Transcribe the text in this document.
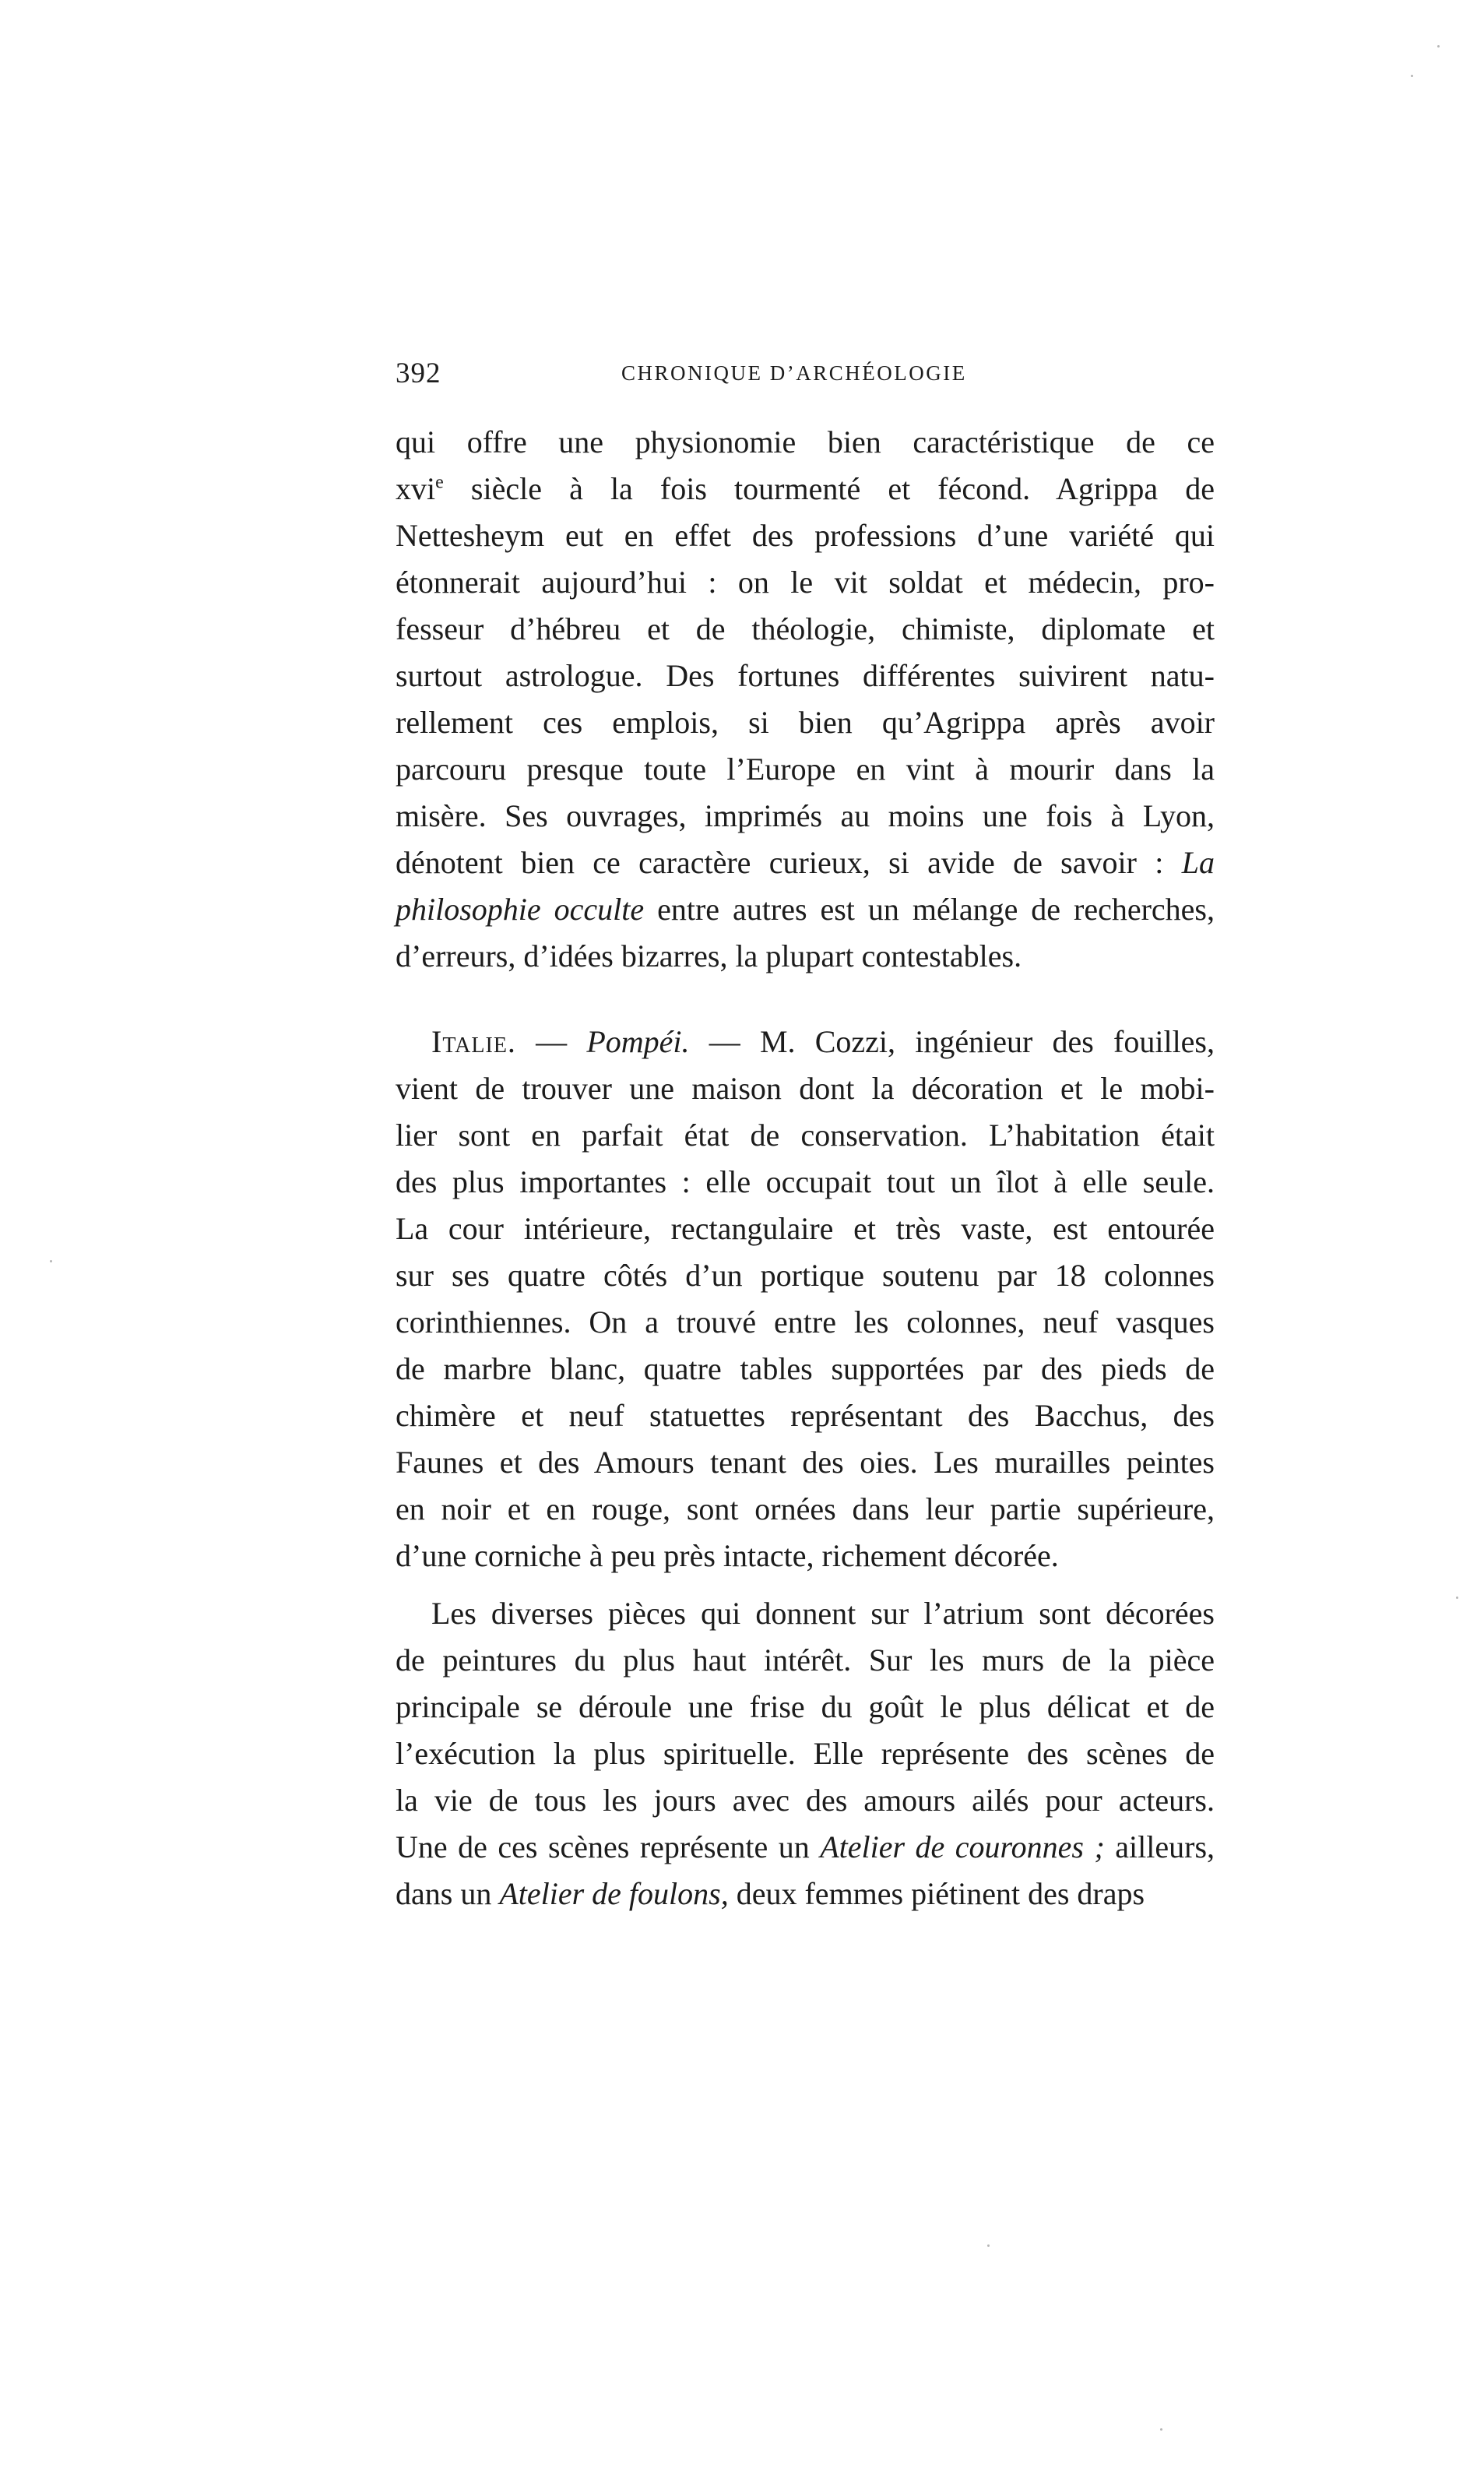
392	CHRONIQUE D’ARCHÉOLOGIE
qui offre une physionomie bien caractéristique de ce
xvi$^e$ siècle à la fois tourmenté et fécond. Agrippa de
Nettesheym eut en effet des professions d’une variété qui
étonnerait aujourd’hui : on le vit soldat et médecin, pro-
fesseur d’hébreu et de théologie, chimiste, diplomate et
surtout astrologue. Des fortunes différentes suivirent natu-
rellement ces emplois, si bien qu’Agrippa après avoir
parcouru presque toute l’Europe en vint à mourir dans la
misère. Ses ouvrages, imprimés au moins une fois à Lyon,
dénotent bien ce caractère curieux, si avide de savoir : La
philosophie occulte entre autres est un mélange de recherches,
d’erreurs, d’idées bizarres, la plupart contestables.
Italie. — Pompéi. — M. Cozzi, ingénieur des fouilles,
vient de trouver une maison dont la décoration et le mobi-
lier sont en parfait état de conservation. L’habitation était
des plus importantes : elle occupait tout un îlot à elle seule.
La cour intérieure, rectangulaire et très vaste, est entourée
sur ses quatre côtés d’un portique soutenu par 18 colonnes
corinthiennes. On a trouvé entre les colonnes, neuf vasques
de marbre blanc, quatre tables supportées par des pieds de
chimère et neuf statuettes représentant des Bacchus, des
Faunes et des Amours tenant des oies. Les murailles peintes
en noir et en rouge, sont ornées dans leur partie supérieure,
d’une corniche à peu près intacte, richement décorée.
Les diverses pièces qui donnent sur l’atrium sont décorées
de peintures du plus haut intérêt. Sur les murs de la pièce
principale se déroule une frise du goût le plus délicat et de
l’exécution la plus spirituelle. Elle représente des scènes de
la vie de tous les jours avec des amours ailés pour acteurs.
Une de ces scènes représente un Atelier de couronnes ; ailleurs,
dans un Atelier de foulons, deux femmes piétinent des draps
